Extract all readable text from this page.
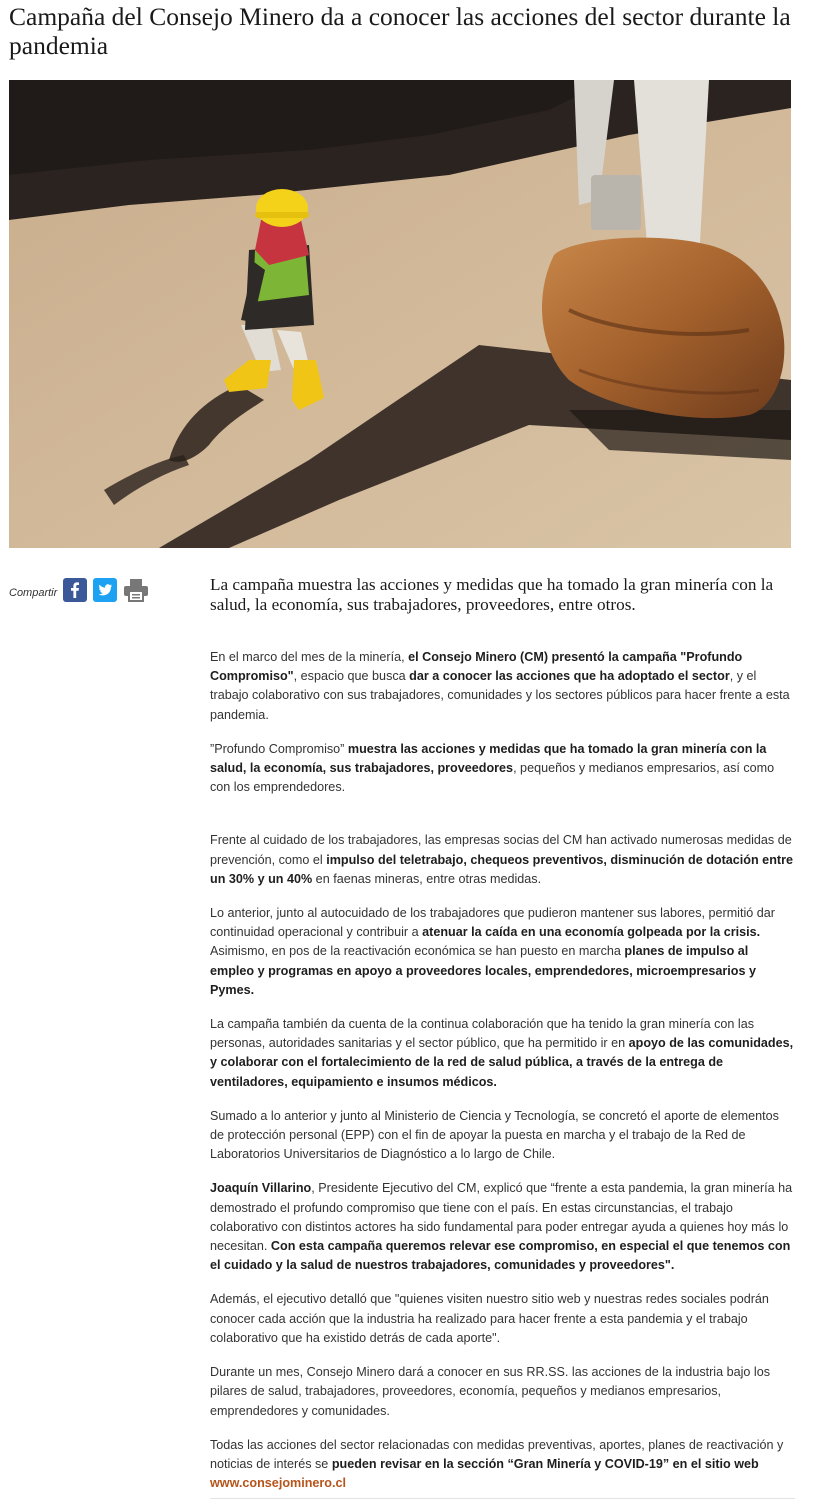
Campaña del Consejo Minero da a conocer las acciones del sector durante la pandemia
Compartir	La campaña muestra las acciones y medidas que ha tomado la gran minería con la salud, la economía, sus trabajadores, proveedores, entre otros.

En el marco del mes de la minería, el Consejo Minero (CM) presentó la campaña "Profundo Compromiso", espacio que busca dar a conocer las acciones que ha adoptado el sector, y el trabajo colaborativo con sus trabajadores, comunidades y los sectores públicos para hacer frente a esta pandemia.

”Profundo Compromiso” muestra las acciones y medidas que ha tomado la gran minería con la salud, la economía, sus trabajadores, proveedores, pequeños y medianos empresarios, así como con los emprendedores.

Frente al cuidado de los trabajadores, las empresas socias del CM han activado numerosas medidas de prevención, como el impulso del teletrabajo, chequeos preventivos, disminución de dotación entre un 30% y un 40% en faenas mineras, entre otras medidas.

Lo anterior, junto al autocuidado de los trabajadores que pudieron mantener sus labores, permitió dar continuidad operacional y contribuir a atenuar la caída en una economía golpeada por la crisis. Asimismo, en pos de la reactivación económica se han puesto en marcha planes de impulso al empleo y programas en apoyo a proveedores locales, emprendedores, microempresarios y Pymes.

La campaña también da cuenta de la continua colaboración que ha tenido la gran minería con las personas, autoridades sanitarias y el sector público, que ha permitido ir en apoyo de las comunidades, y colaborar con el fortalecimiento de la red de salud pública, a través de la entrega de ventiladores, equipamiento e insumos médicos.

Sumado a lo anterior y junto al Ministerio de Ciencia y Tecnología, se concretó el aporte de elementos de protección personal (EPP) con el fin de apoyar la puesta en marcha y el trabajo de la Red de Laboratorios Universitarios de Diagnóstico a lo largo de Chile.

Joaquín Villarino, Presidente Ejecutivo del CM, explicó que “frente a esta pandemia, la gran minería ha demostrado el profundo compromiso que tiene con el país. En estas circunstancias, el trabajo colaborativo con distintos actores ha sido fundamental para poder entregar ayuda a quienes hoy más lo necesitan. Con esta campaña queremos relevar ese compromiso, en especial el que tenemos con el cuidado y la salud de nuestros trabajadores, comunidades y proveedores".

Además, el ejecutivo detalló que "quienes visiten nuestro sitio web y nuestras redes sociales podrán conocer cada acción que la industria ha realizado para hacer frente a esta pandemia y el trabajo colaborativo que ha existido detrás de cada aporte".

Durante un mes, Consejo Minero dará a conocer en sus RR.SS. las acciones de la industria bajo los pilares de salud, trabajadores, proveedores, economía, pequeños y medianos empresarios, emprendedores y comunidades.

Todas las acciones del sector relacionadas con medidas preventivas, aportes, planes de reactivación y noticias de interés se pueden revisar en la sección “Gran Minería y COVID-19” en el sitio web www.consejominero.cl
